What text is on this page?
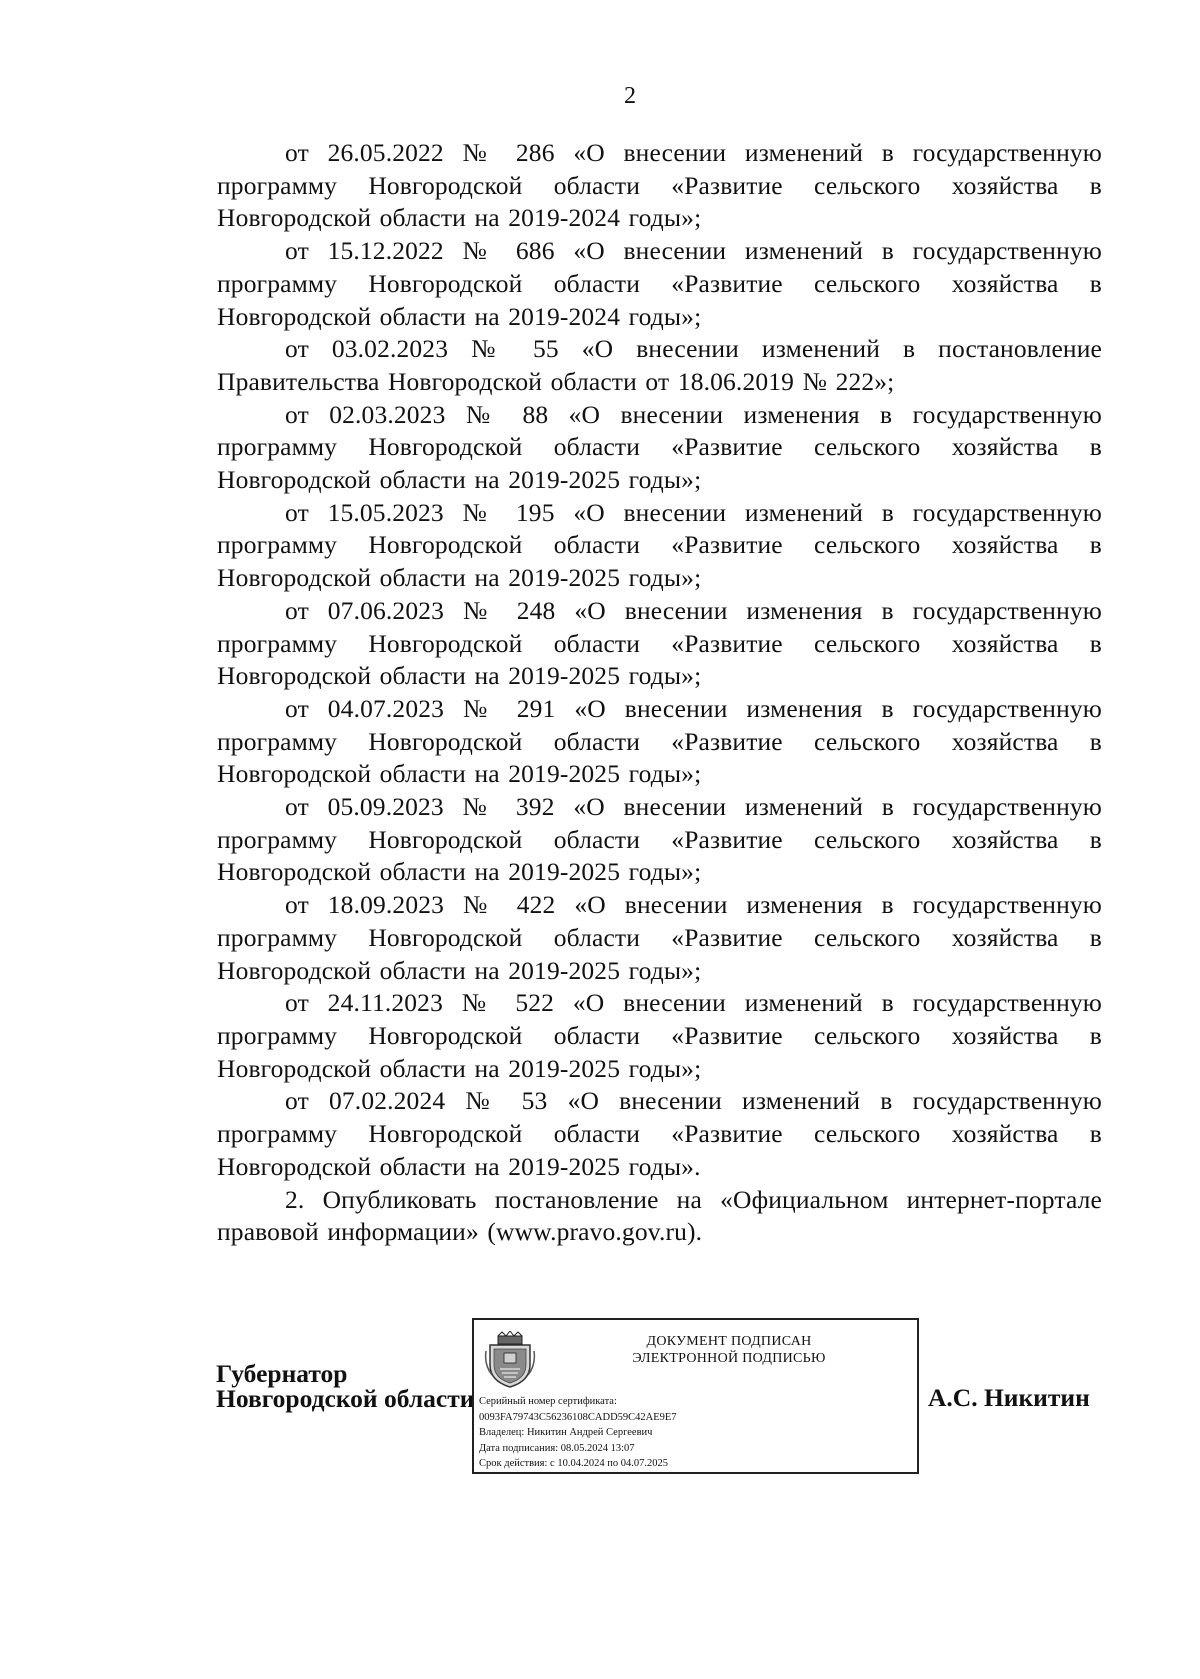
2

от 26.05.2022 № 286 «О внесении изменений в государственную программу Новгородской области «Развитие сельского хозяйства в Новгородской области на 2019-2024 годы»;

от 15.12.2022 № 686 «О внесении изменений в государственную программу Новгородской области «Развитие сельского хозяйства в Новгородской области на 2019-2024 годы»;

от 03.02.2023 № 55 «О внесении изменений в постановление Правительства Новгородской области от 18.06.2019 № 222»;

от 02.03.2023 № 88 «О внесении изменения в государственную программу Новгородской области «Развитие сельского хозяйства в Новгородской области на 2019-2025 годы»;

от 15.05.2023 № 195 «О внесении изменений в государственную программу Новгородской области «Развитие сельского хозяйства в Новгородской области на 2019-2025 годы»;

от 07.06.2023 № 248 «О внесении изменения в государственную программу Новгородской области «Развитие сельского хозяйства в Новгородской области на 2019-2025 годы»;

от 04.07.2023 № 291 «О внесении изменения в государственную программу Новгородской области «Развитие сельского хозяйства в Новгородской области на 2019-2025 годы»;

от 05.09.2023 № 392 «О внесении изменений в государственную программу Новгородской области «Развитие сельского хозяйства в Новгородской области на 2019-2025 годы»;

от 18.09.2023 № 422 «О внесении изменения в государственную программу Новгородской области «Развитие сельского хозяйства в Новгородской области на 2019-2025 годы»;

от 24.11.2023 № 522 «О внесении изменений в государственную программу Новгородской области «Развитие сельского хозяйства в Новгородской области на 2019-2025 годы»;

от 07.02.2024 № 53 «О внесении изменений в государственную программу Новгородской области «Развитие сельского хозяйства в Новгородской области на 2019-2025 годы».

2. Опубликовать постановление на «Официальном интернет-портале правовой информации» (www.pravo.gov.ru).

Губернатор
Новгородской области
ДОКУМЕНТ ПОДПИСАН
ЭЛЕКТРОННОЙ ПОДПИСЬЮ
Серийный номер сертификата:
0093FA79743C56236108CADD59C42AE9E7
Владелец: Никитин Андрей Сергеевич
Дата подписания: 08.05.2024 13:07
Срок действия: с 10.04.2024 по 04.07.2025
А.С. Никитин
